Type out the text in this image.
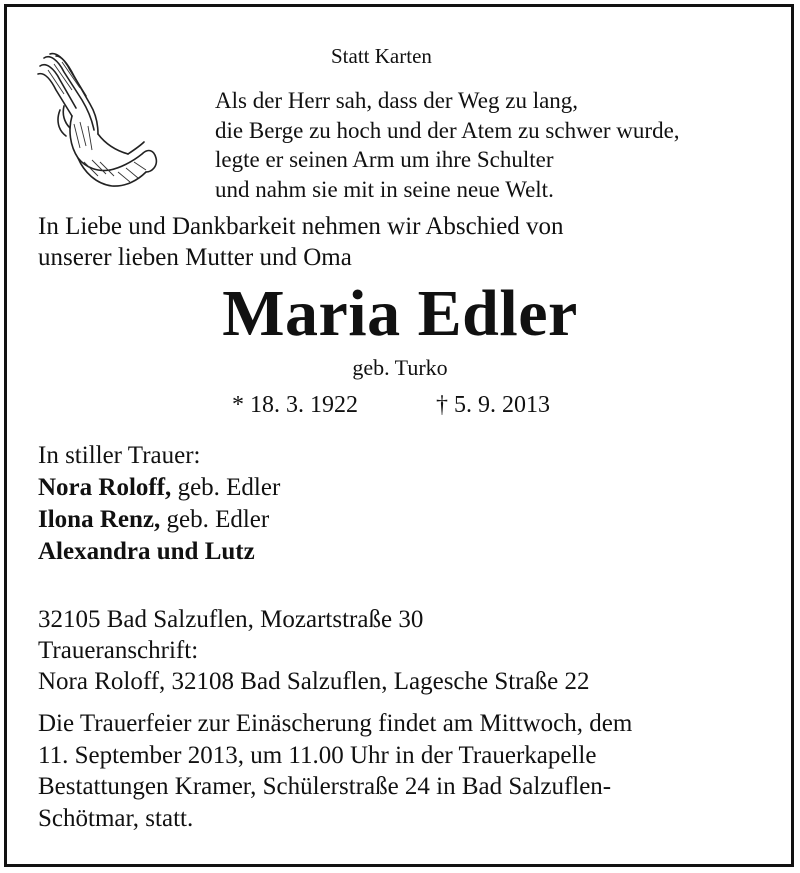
Statt Karten
Als der Herr sah, dass der Weg zu lang,
die Berge zu hoch und der Atem zu schwer wurde,
legte er seinen Arm um ihre Schulter
und nahm sie mit in seine neue Welt.
In Liebe und Dankbarkeit nehmen wir Abschied von
unserer lieben Mutter und Oma
Maria Edler
geb. Turko
* 18. 3. 1922	† 5. 9. 2013
In stiller Trauer:
Nora Roloff, geb. Edler
Ilona Renz, geb. Edler
Alexandra und Lutz
32105 Bad Salzuflen, Mozartstraße 30
Traueranschrift:
Nora Roloff, 32108 Bad Salzuflen, Lagesche Straße 22
Die Trauerfeier zur Einäscherung findet am Mittwoch, dem
11. September 2013, um 11.00 Uhr in der Trauerkapelle
Bestattungen Kramer, Schülerstraße 24 in Bad Salzuflen-
Schötmar, statt.
